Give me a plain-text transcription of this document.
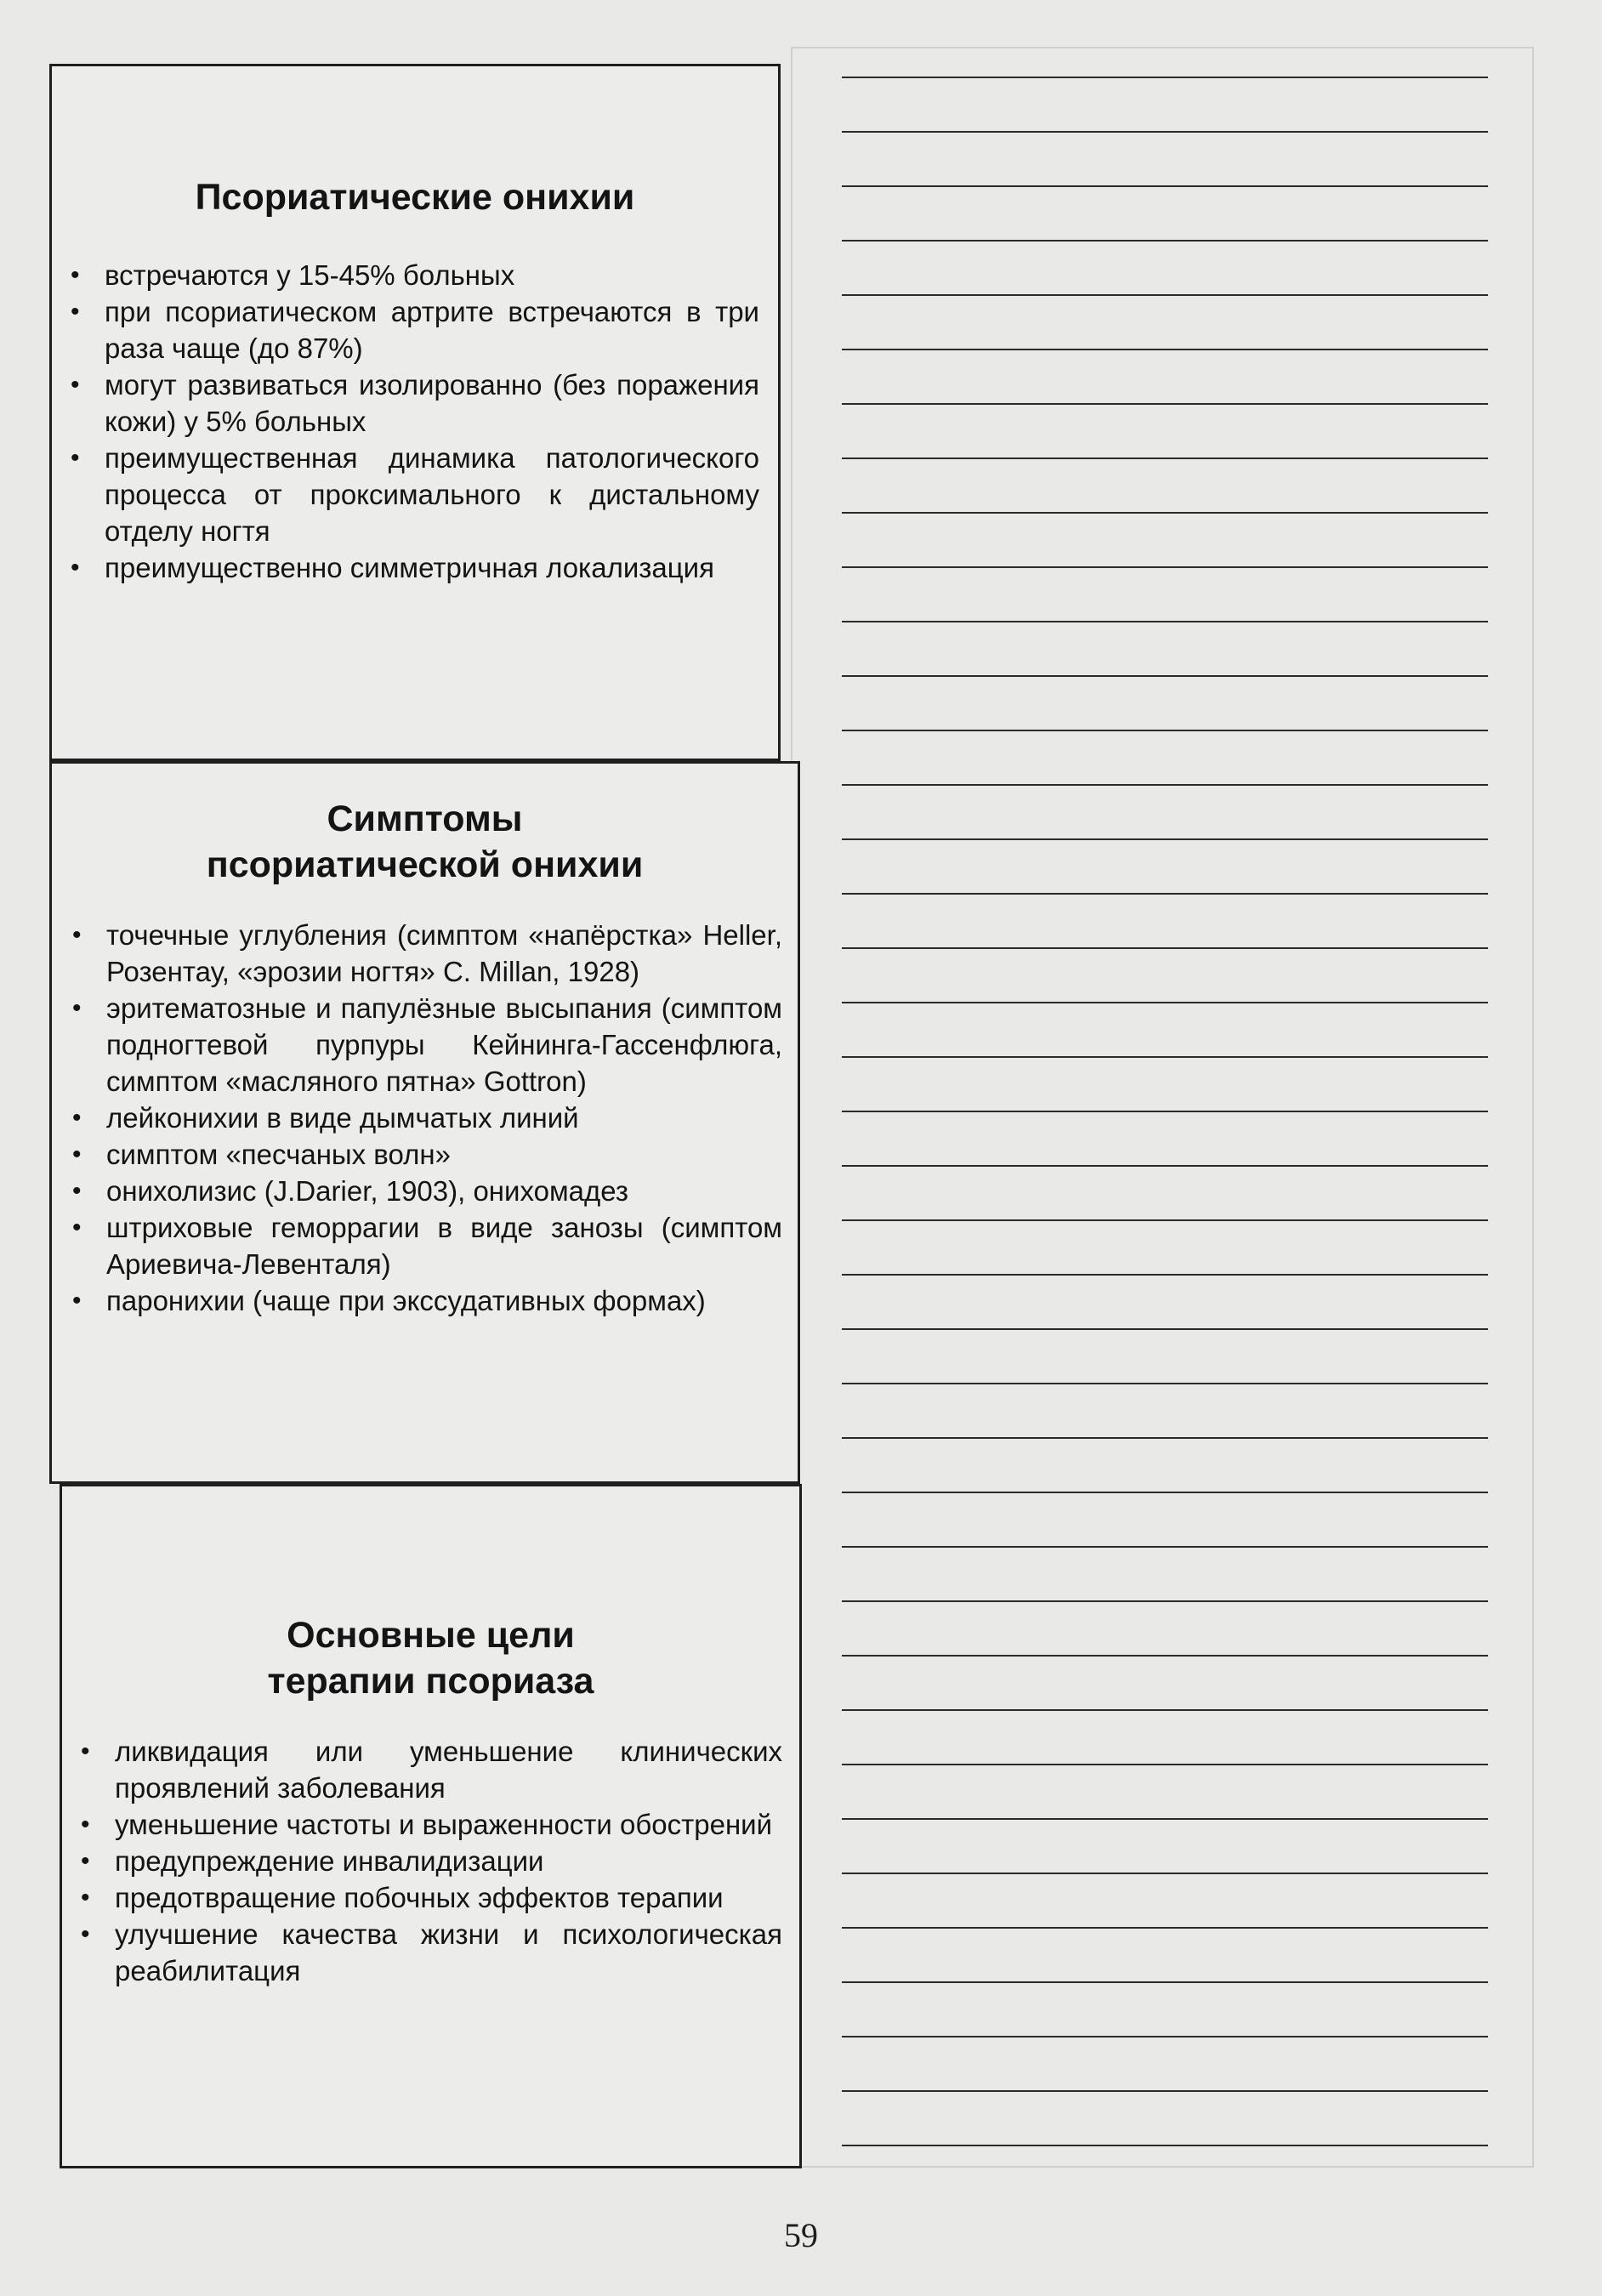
Псориатические онихии
• встречаются у 15-45% больных
• при псориатическом артрите встречаются в три раза чаще (до 87%)
• могут развиваться изолированно (без поражения кожи) у 5% больных
• преимущественная динамика патологического процесса от проксимального к дистальному отделу ногтя
• преимущественно симметричная локализация
Симптомы псориатической онихии
• точечные углубления (симптом «напёрстка» Heller, Розентау, «эрозии ногтя» C. Millan, 1928)
• эритематозные и папулёзные высыпания (симптом подногтевой пурпуры Кейнинга-Гассенфлюга, симптом «масляного пятна» Gottron)
• лейконихии в виде дымчатых линий
• симптом «песчаных волн»
• онихолизис (J.Darier, 1903), онихомадез
• штриховые геморрагии в виде занозы (симптом Ариевича-Левенталя)
• паронихии (чаще при экссудативных формах)
Основные цели терапии псориаза
• ликвидация или уменьшение клинических проявлений заболевания
• уменьшение частоты и выраженности обострений
• предупреждение инвалидизации
• предотвращение побочных эффектов терапии
• улучшение качества жизни и психологическая реабилитация
59
